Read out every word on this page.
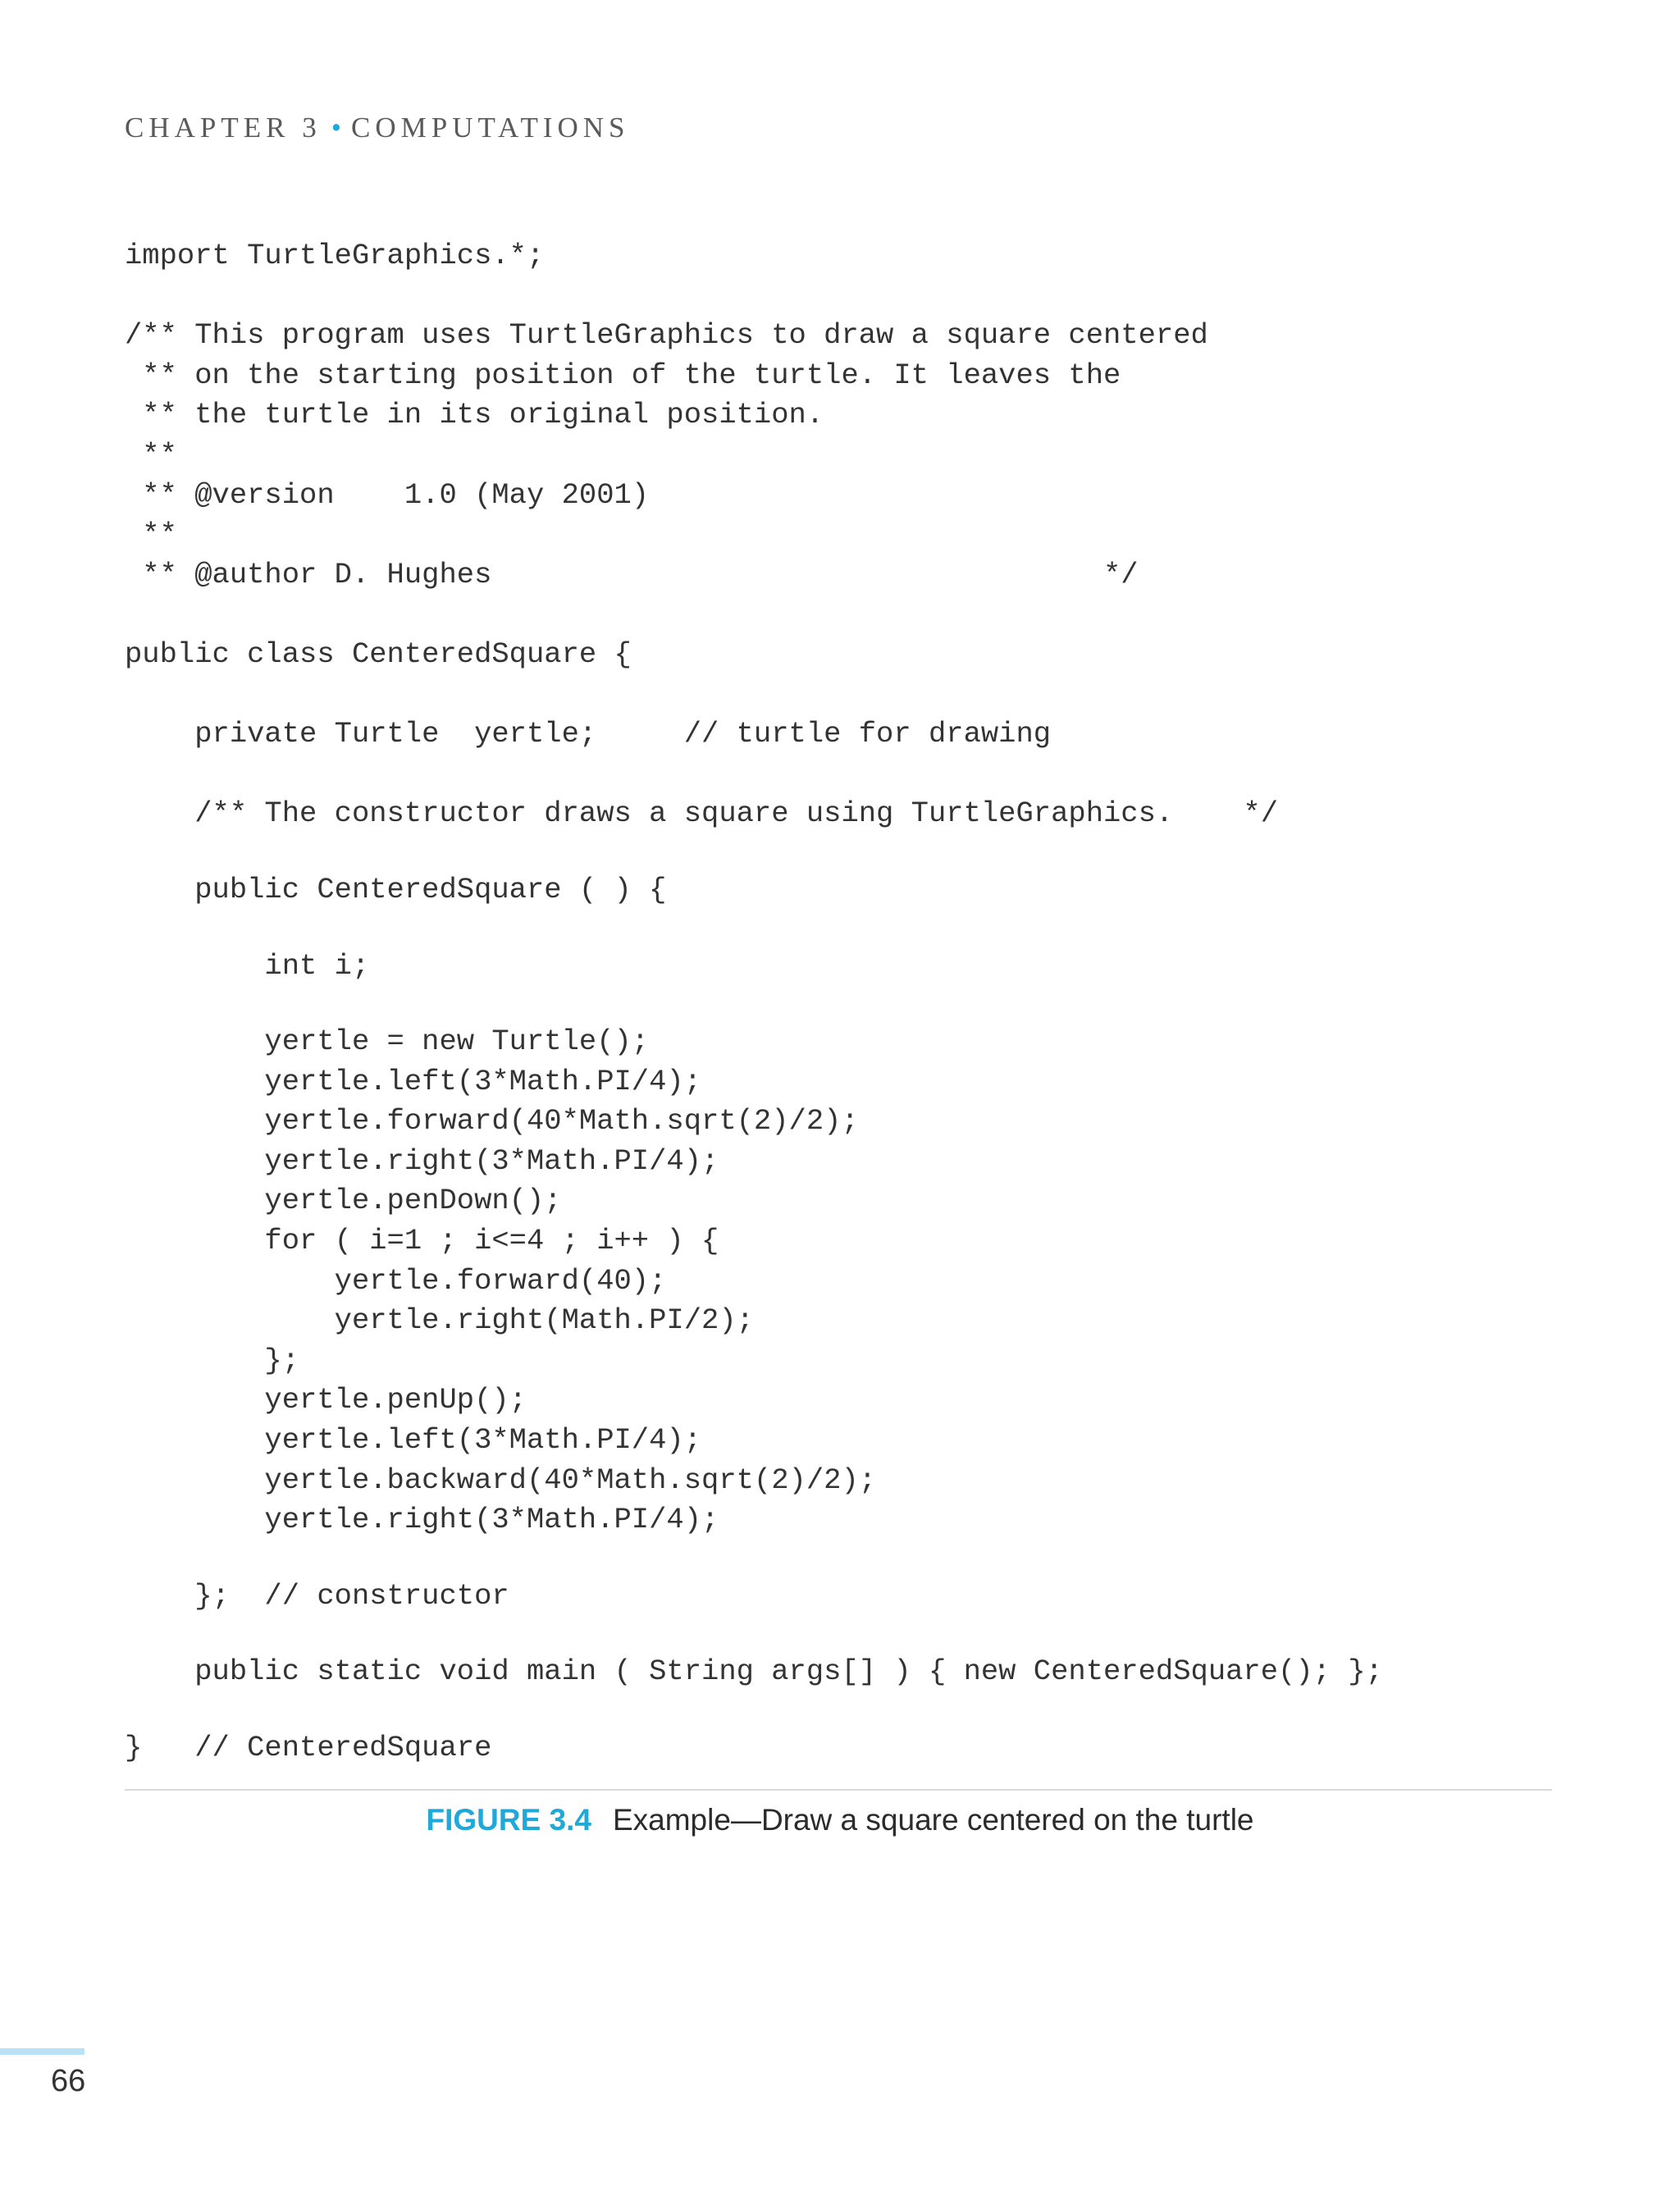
CHAPTER 3 • COMPUTATIONS
import TurtleGraphics.*;
/** This program uses TurtleGraphics to draw a square centered
** on the starting position of the turtle. It leaves the
** the turtle in its original position.
**
** @version    1.0 (May 2001)
**
** @author D. Hughes                                   */
public class CenteredSquare {
private Turtle  yertle;     // turtle for drawing
/** The constructor draws a square using TurtleGraphics.    */
public CenteredSquare ( ) {
int i;
yertle = new Turtle();
yertle.left(3*Math.PI/4);
yertle.forward(40*Math.sqrt(2)/2);
yertle.right(3*Math.PI/4);
yertle.penDown();
for ( i=1 ; i<=4 ; i++ ) {
yertle.forward(40);
yertle.right(Math.PI/2);
};
yertle.penUp();
yertle.left(3*Math.PI/4);
yertle.backward(40*Math.sqrt(2)/2);
yertle.right(3*Math.PI/4);
};  // constructor
public static void main ( String args[] ) { new CenteredSquare(); };
}   // CenteredSquare
FIGURE 3.4 Example—Draw a square centered on the turtle
66
